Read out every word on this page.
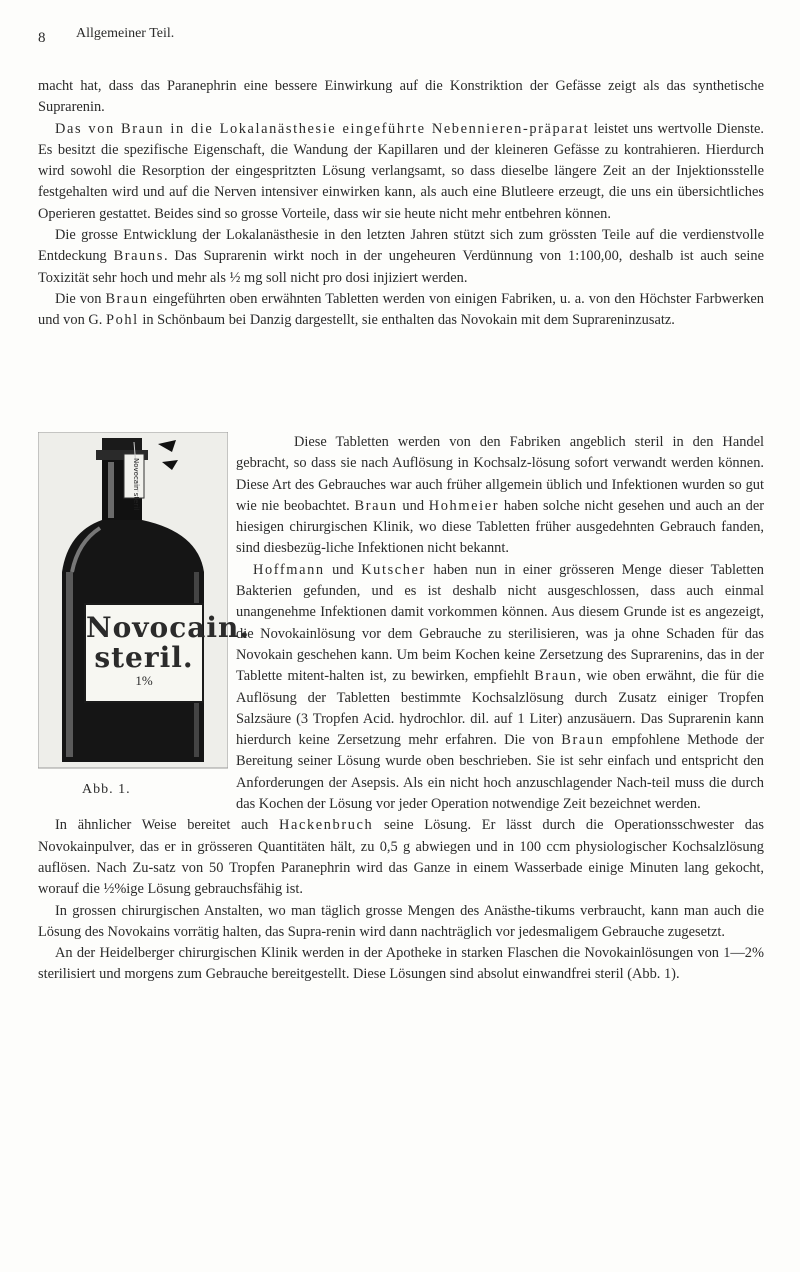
8 Allgemeiner Teil.

macht hat, dass das Paranephrin eine bessere Einwirkung auf die Konstriktion der Gefässe zeigt als das synthetische Suprarenin.

Das von Braun in die Lokalanästhesie eingeführte Nebennieren-präparat leistet uns wertvolle Dienste. Es besitzt die spezifische Eigenschaft, die Wandung der Kapillaren und der kleineren Gefässe zu kontrahieren. Hierdurch wird sowohl die Resorption der eingespritzten Lösung verlangsamt, so dass dieselbe längere Zeit an der Injektionsstelle festgehalten wird und auf die Nerven intensiver einwirken kann, als auch eine Blutleere erzeugt, die uns ein übersichtliches Operieren gestattet. Beides sind so grosse Vorteile, dass wir sie heute nicht mehr entbehren können.

Die grosse Entwicklung der Lokalanästhesie in den letzten Jahren stützt sich zum grössten Teile auf die verdienstvolle Entdeckung Brauns. Das Suprarenin wirkt noch in der ungeheuren Verdünnung von 1:100,00, deshalb ist auch seine Toxizität sehr hoch und mehr als ½ mg soll nicht pro dosi injiziert werden.

Die von Braun eingeführten oben erwähnten Tabletten werden von einigen Fabriken, u. a. von den Höchster Farbwerken und von G. Pohl in Schönbaum bei Danzig dargestellt, sie enthalten das Novokain mit dem Suprareninzusatz.

Novocain steril
Novocain.
steril.
1%
Abb. 1.

Diese Tabletten werden von den Fabriken angeblich steril in den Handel gebracht, so dass sie nach Auflösung in Kochsalz-lösung sofort verwandt werden können. Diese Art des Gebrauches war auch früher allgemein üblich und Infektionen wurden so gut wie nie beobachtet. Braun und Hohmeier haben solche nicht gesehen und auch an der hiesigen chirurgischen Klinik, wo diese Tabletten früher ausgedehnten Gebrauch fanden, sind diesbezüg-liche Infektionen nicht bekannt.

Hoffmann und Kutscher haben nun in einer grösseren Menge dieser Tabletten Bakterien gefunden, und es ist deshalb nicht ausgeschlossen, dass auch einmal unangenehme Infektionen damit vorkommen können. Aus diesem Grunde ist es angezeigt, die Novokainlösung vor dem Gebrauche zu sterilisieren, was ja ohne Schaden für das Novokain geschehen kann. Um beim Kochen keine Zersetzung des Suprarenins, das in der Tablette mitent-halten ist, zu bewirken, empfiehlt Braun, wie oben erwähnt, die für die Auflösung der Tabletten bestimmte Kochsalzlösung durch Zusatz einiger Tropfen Salzsäure (3 Tropfen Acid. hydrochlor. dil. auf 1 Liter) anzusäuern. Das Suprarenin kann hierdurch keine Zersetzung mehr erfahren. Die von Braun empfohlene Methode der Bereitung seiner Lösung wurde oben beschrieben. Sie ist sehr einfach und entspricht den Anforderungen der Asepsis. Als ein nicht hoch anzuschlagender Nach-teil muss die durch das Kochen der Lösung vor jeder Operation notwendige Zeit bezeichnet werden.

In ähnlicher Weise bereitet auch Hackenbruch seine Lösung. Er lässt durch die Operationsschwester das Novokainpulver, das er in grösseren Quantitäten hält, zu 0,5 g abwiegen und in 100 ccm physiologischer Kochsalzlösung auflösen. Nach Zu-satz von 50 Tropfen Paranephrin wird das Ganze in einem Wasserbade einige Minuten lang gekocht, worauf die ½%ige Lösung gebrauchsfähig ist.

In grossen chirurgischen Anstalten, wo man täglich grosse Mengen des Anästhe-tikums verbraucht, kann man auch die Lösung des Novokains vorrätig halten, das Supra-renin wird dann nachträglich vor jedesmaligem Gebrauche zugesetzt.

An der Heidelberger chirurgischen Klinik werden in der Apotheke in starken Flaschen die Novokainlösungen von 1—2% sterilisiert und morgens zum Gebrauche bereitgestellt. Diese Lösungen sind absolut einwandfrei steril (Abb. 1).
